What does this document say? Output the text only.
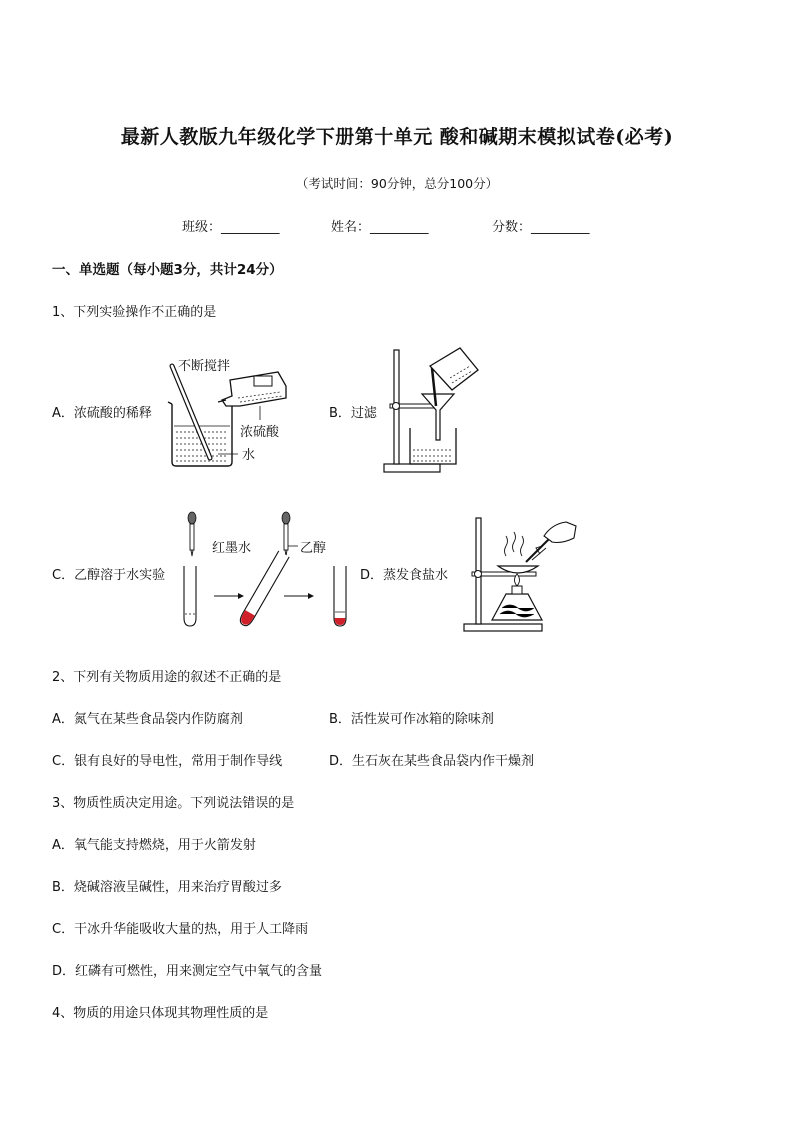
最新人教版九年级化学下册第十单元 酸和碱期末模拟试卷(必考)
（考试时间：90分钟，总分100分）
班级：_________	姓名：_________	分数：_________
一、单选题（每小题3分，共计24分）
1、下列实验操作不正确的是
A．浓硫酸的稀释
不断搅拌
浓硫酸
水
B．过滤
C．乙醇溶于水实验
红墨水	乙醇
D．蒸发食盐水
2、下列有关物质用途的叙述不正确的是
A．氮气在某些食品袋内作防腐剂	B．活性炭可作冰箱的除味剂
C．银有良好的导电性，常用于制作导线	D．生石灰在某些食品袋内作干燥剂
3、物质性质决定用途。下列说法错误的是
A．氧气能支持燃烧，用于火箭发射
B．烧碱溶液呈碱性，用来治疗胃酸过多
C．干冰升华能吸收大量的热，用于人工降雨
D．红磷有可燃性，用来测定空气中氧气的含量
4、物质的用途只体现其物理性质的是
